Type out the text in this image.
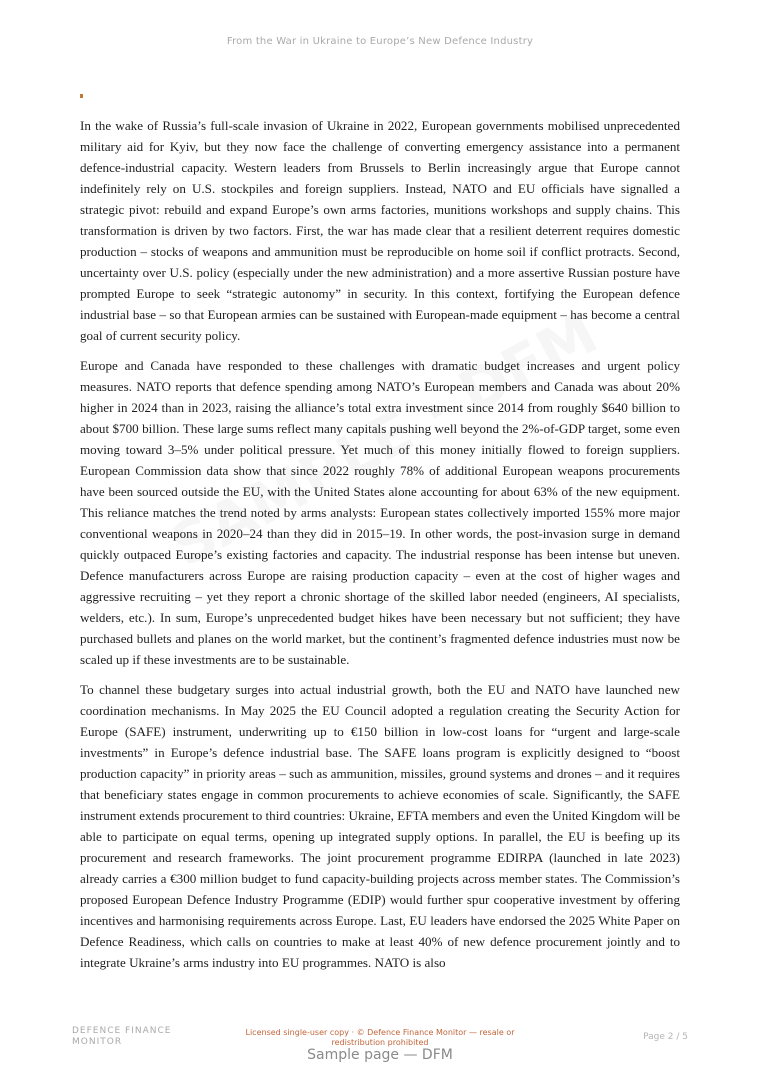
From the War in Ukraine to Europe’s New Defence Industry

In the wake of Russia’s full-scale invasion of Ukraine in 2022, European governments mobilised unprecedented military aid for Kyiv, but they now face the challenge of converting emergency assistance into a permanent defence-industrial capacity. Western leaders from Brussels to Berlin increasingly argue that Europe cannot indefinitely rely on U.S. stockpiles and foreign suppliers. Instead, NATO and EU officials have signalled a strategic pivot: rebuild and expand Europe’s own arms factories, munitions workshops and supply chains. This transformation is driven by two factors. First, the war has made clear that a resilient deterrent requires domestic production – stocks of weapons and ammunition must be reproducible on home soil if conflict protracts. Second, uncertainty over U.S. policy (especially under the new administration) and a more assertive Russian posture have prompted Europe to seek “strategic autonomy” in security. In this context, fortifying the European defence industrial base – so that European armies can be sustained with European-made equipment – has become a central goal of current security policy.

Europe and Canada have responded to these challenges with dramatic budget increases and urgent policy measures. NATO reports that defence spending among NATO’s European members and Canada was about 20% higher in 2024 than in 2023, raising the alliance’s total extra investment since 2014 from roughly $640 billion to about $700 billion. These large sums reflect many capitals pushing well beyond the 2%-of-GDP target, some even moving toward 3–5% under political pressure. Yet much of this money initially flowed to foreign suppliers. European Commission data show that since 2022 roughly 78% of additional European weapons procurements have been sourced outside the EU, with the United States alone accounting for about 63% of the new equipment. This reliance matches the trend noted by arms analysts: European states collectively imported 155% more major conventional weapons in 2020–24 than they did in 2015–19. In other words, the post-invasion surge in demand quickly outpaced Europe’s existing factories and capacity. The industrial response has been intense but uneven. Defence manufacturers across Europe are raising production capacity – even at the cost of higher wages and aggressive recruiting – yet they report a chronic shortage of the skilled labor needed (engineers, AI specialists, welders, etc.). In sum, Europe’s unprecedented budget hikes have been necessary but not sufficient; they have purchased bullets and planes on the world market, but the continent’s fragmented defence industries must now be scaled up if these investments are to be sustainable.

To channel these budgetary surges into actual industrial growth, both the EU and NATO have launched new coordination mechanisms. In May 2025 the EU Council adopted a regulation creating the Security Action for Europe (SAFE) instrument, underwriting up to €150 billion in low-cost loans for “urgent and large-scale investments” in Europe’s defence industrial base. The SAFE loans program is explicitly designed to “boost production capacity” in priority areas – such as ammunition, missiles, ground systems and drones – and it requires that beneficiary states engage in common procurements to achieve economies of scale. Significantly, the SAFE instrument extends procurement to third countries: Ukraine, EFTA members and even the United Kingdom will be able to participate on equal terms, opening up integrated supply options. In parallel, the EU is beefing up its procurement and research frameworks. The joint procurement programme EDIRPA (launched in late 2023) already carries a €300 million budget to fund capacity-building projects across member states. The Commission’s proposed European Defence Industry Programme (EDIP) would further spur cooperative investment by offering incentives and harmonising requirements across Europe. Last, EU leaders have endorsed the 2025 White Paper on Defence Readiness, which calls on countries to make at least 40% of new defence procurement jointly and to integrate Ukraine’s arms industry into EU programmes. NATO is also

DEFENCE FINANCE
MONITOR
Licensed single-user copy · © Defence Finance Monitor — resale or redistribution prohibited
Page 2 / 5
Sample page — DFM
